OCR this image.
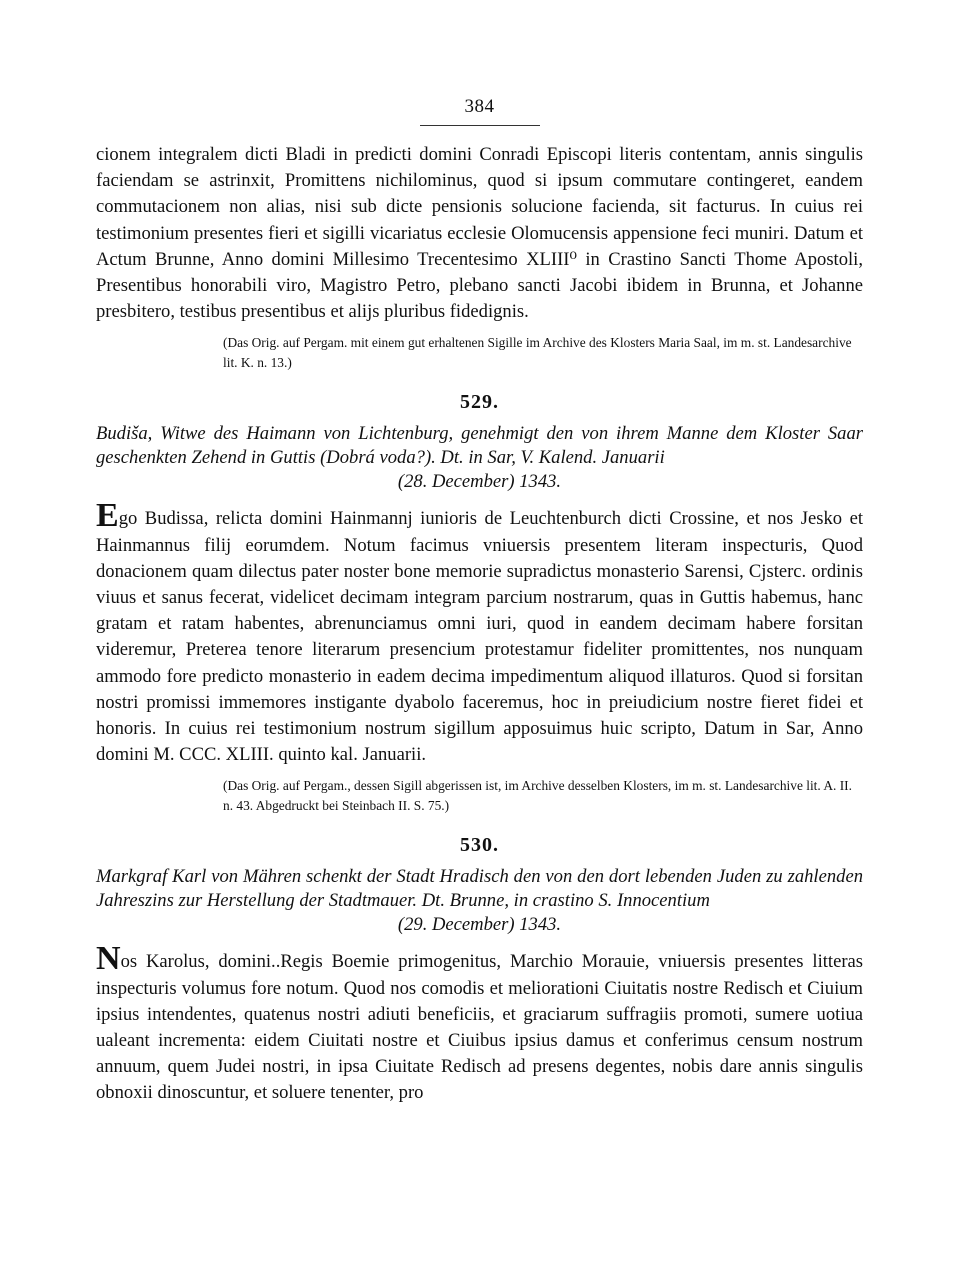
384

cionem integralem dicti Bladi in predicti domini Conradi Episcopi literis contentam, annis singulis faciendam se astrinxit, Promittens nichilominus, quod si ipsum commutare contingeret, eandem commutacionem non alias, nisi sub dicte pensionis solucione facienda, sit facturus. In cuius rei testimonium presentes fieri et sigilli vicariatus ecclesie Olomucensis appensione feci muniri. Datum et Actum Brunne, Anno domini Millesimo Trecentesimo XLIII⁰ in Crastino Sancti Thome Apostoli, Presentibus honorabili viro, Magistro Petro, plebano sancti Jacobi ibidem in Brunna, et Johanne presbitero, testibus presentibus et alijs pluribus fidedignis.

(Das Orig. auf Pergam. mit einem gut erhaltenen Sigille im Archive des Klosters Maria Saal, im m. st. Landesarchive lit. K. n. 13.)

529.

Budiša, Witwe des Haimann von Lichtenburg, genehmigt den von ihrem Manne dem Kloster Saar geschenkten Zehend in Guttis (Dobrá voda?). Dt. in Sar, V. Kalend. Januarii

(28. December) 1343.

Ego Budissa, relicta domini Hainmannj iunioris de Leuchtenburch dicti Crossine, et nos Jesko et Hainmannus filij eorumdem. Notum facimus vniuersis presentem literam inspecturis, Quod donacionem quam dilectus pater noster bone memorie supradictus monasterio Sarensi, Cjsterc. ordinis viuus et sanus fecerat, videlicet decimam integram parcium nostrarum, quas in Guttis habemus, hanc gratam et ratam habentes, abrenunciamus omni iuri, quod in eandem decimam habere forsitan videremur, Preterea tenore literarum presencium protestamur fideliter promittentes, nos nunquam ammodo fore predicto monasterio in eadem decima impedimentum aliquod illaturos. Quod si forsitan nostri promissi immemores instigante dyabolo faceremus, hoc in preiudicium nostre fieret fidei et honoris. In cuius rei testimonium nostrum sigillum apposuimus huic scripto, Datum in Sar, Anno domini M. CCC. XLIII. quinto kal. Januarii.

(Das Orig. auf Pergam., dessen Sigill abgerissen ist, im Archive desselben Klosters, im m. st. Landesarchive lit. A. II. n. 43. Abgedruckt bei Steinbach II. S. 75.)

530.

Markgraf Karl von Mähren schenkt der Stadt Hradisch den von den dort lebenden Juden zu zahlenden Jahreszins zur Herstellung der Stadtmauer. Dt. Brunne, in crastino S. Innocentium

(29. December) 1343.

Nos Karolus, domini..Regis Boemie primogenitus, Marchio Morauie, vniuersis presentes litteras inspecturis volumus fore notum. Quod nos comodis et meliorationi Ciuitatis nostre Redisch et Ciuium ipsius intendentes, quatenus nostri adiuti beneficiis, et graciarum suffragiis promoti, sumere uotiua ualeant incrementa: eidem Ciuitati nostre et Ciuibus ipsius damus et conferimus censum nostrum annuum, quem Judei nostri, in ipsa Ciuitate Redisch ad presens degentes, nobis dare annis singulis obnoxii dinoscuntur, et soluere tenenter, pro
